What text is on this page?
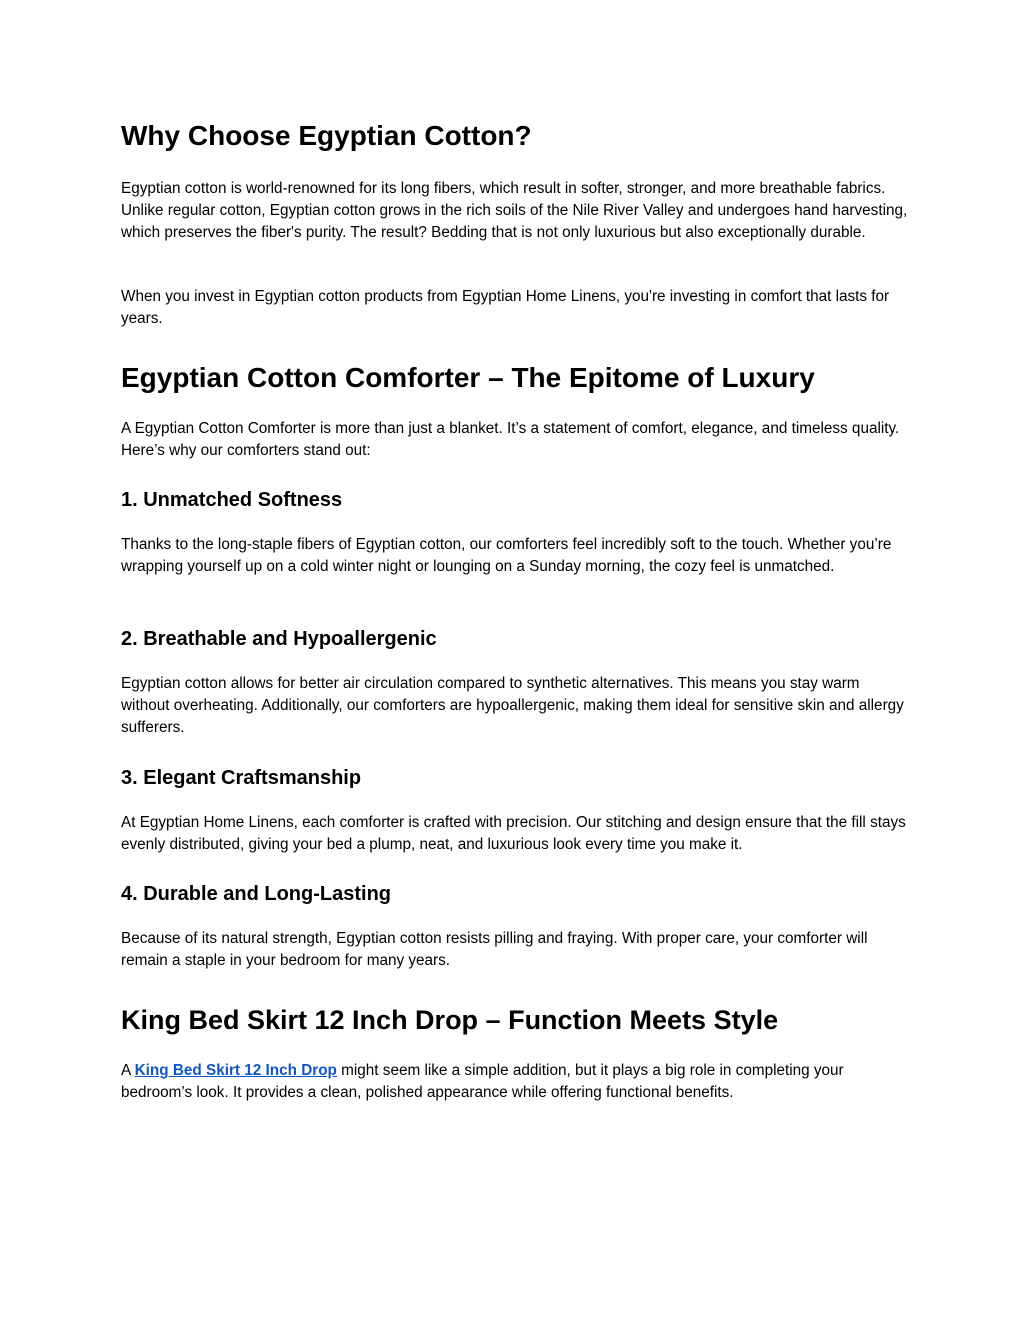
Why Choose Egyptian Cotton?

Egyptian cotton is world-renowned for its long fibers, which result in softer, stronger, and more breathable fabrics. Unlike regular cotton, Egyptian cotton grows in the rich soils of the Nile River Valley and undergoes hand harvesting, which preserves the fiber's purity. The result? Bedding that is not only luxurious but also exceptionally durable.

When you invest in Egyptian cotton products from Egyptian Home Linens, you're investing in comfort that lasts for years.

Egyptian Cotton Comforter – The Epitome of Luxury

A Egyptian Cotton Comforter is more than just a blanket. It’s a statement of comfort, elegance, and timeless quality. Here’s why our comforters stand out:

1. Unmatched Softness

Thanks to the long-staple fibers of Egyptian cotton, our comforters feel incredibly soft to the touch. Whether you’re wrapping yourself up on a cold winter night or lounging on a Sunday morning, the cozy feel is unmatched.

2. Breathable and Hypoallergenic

Egyptian cotton allows for better air circulation compared to synthetic alternatives. This means you stay warm without overheating. Additionally, our comforters are hypoallergenic, making them ideal for sensitive skin and allergy sufferers.

3. Elegant Craftsmanship

At Egyptian Home Linens, each comforter is crafted with precision. Our stitching and design ensure that the fill stays evenly distributed, giving your bed a plump, neat, and luxurious look every time you make it.

4. Durable and Long-Lasting

Because of its natural strength, Egyptian cotton resists pilling and fraying. With proper care, your comforter will remain a staple in your bedroom for many years.

King Bed Skirt 12 Inch Drop – Function Meets Style

A King Bed Skirt 12 Inch Drop might seem like a simple addition, but it plays a big role in completing your bedroom’s look. It provides a clean, polished appearance while offering functional benefits.
